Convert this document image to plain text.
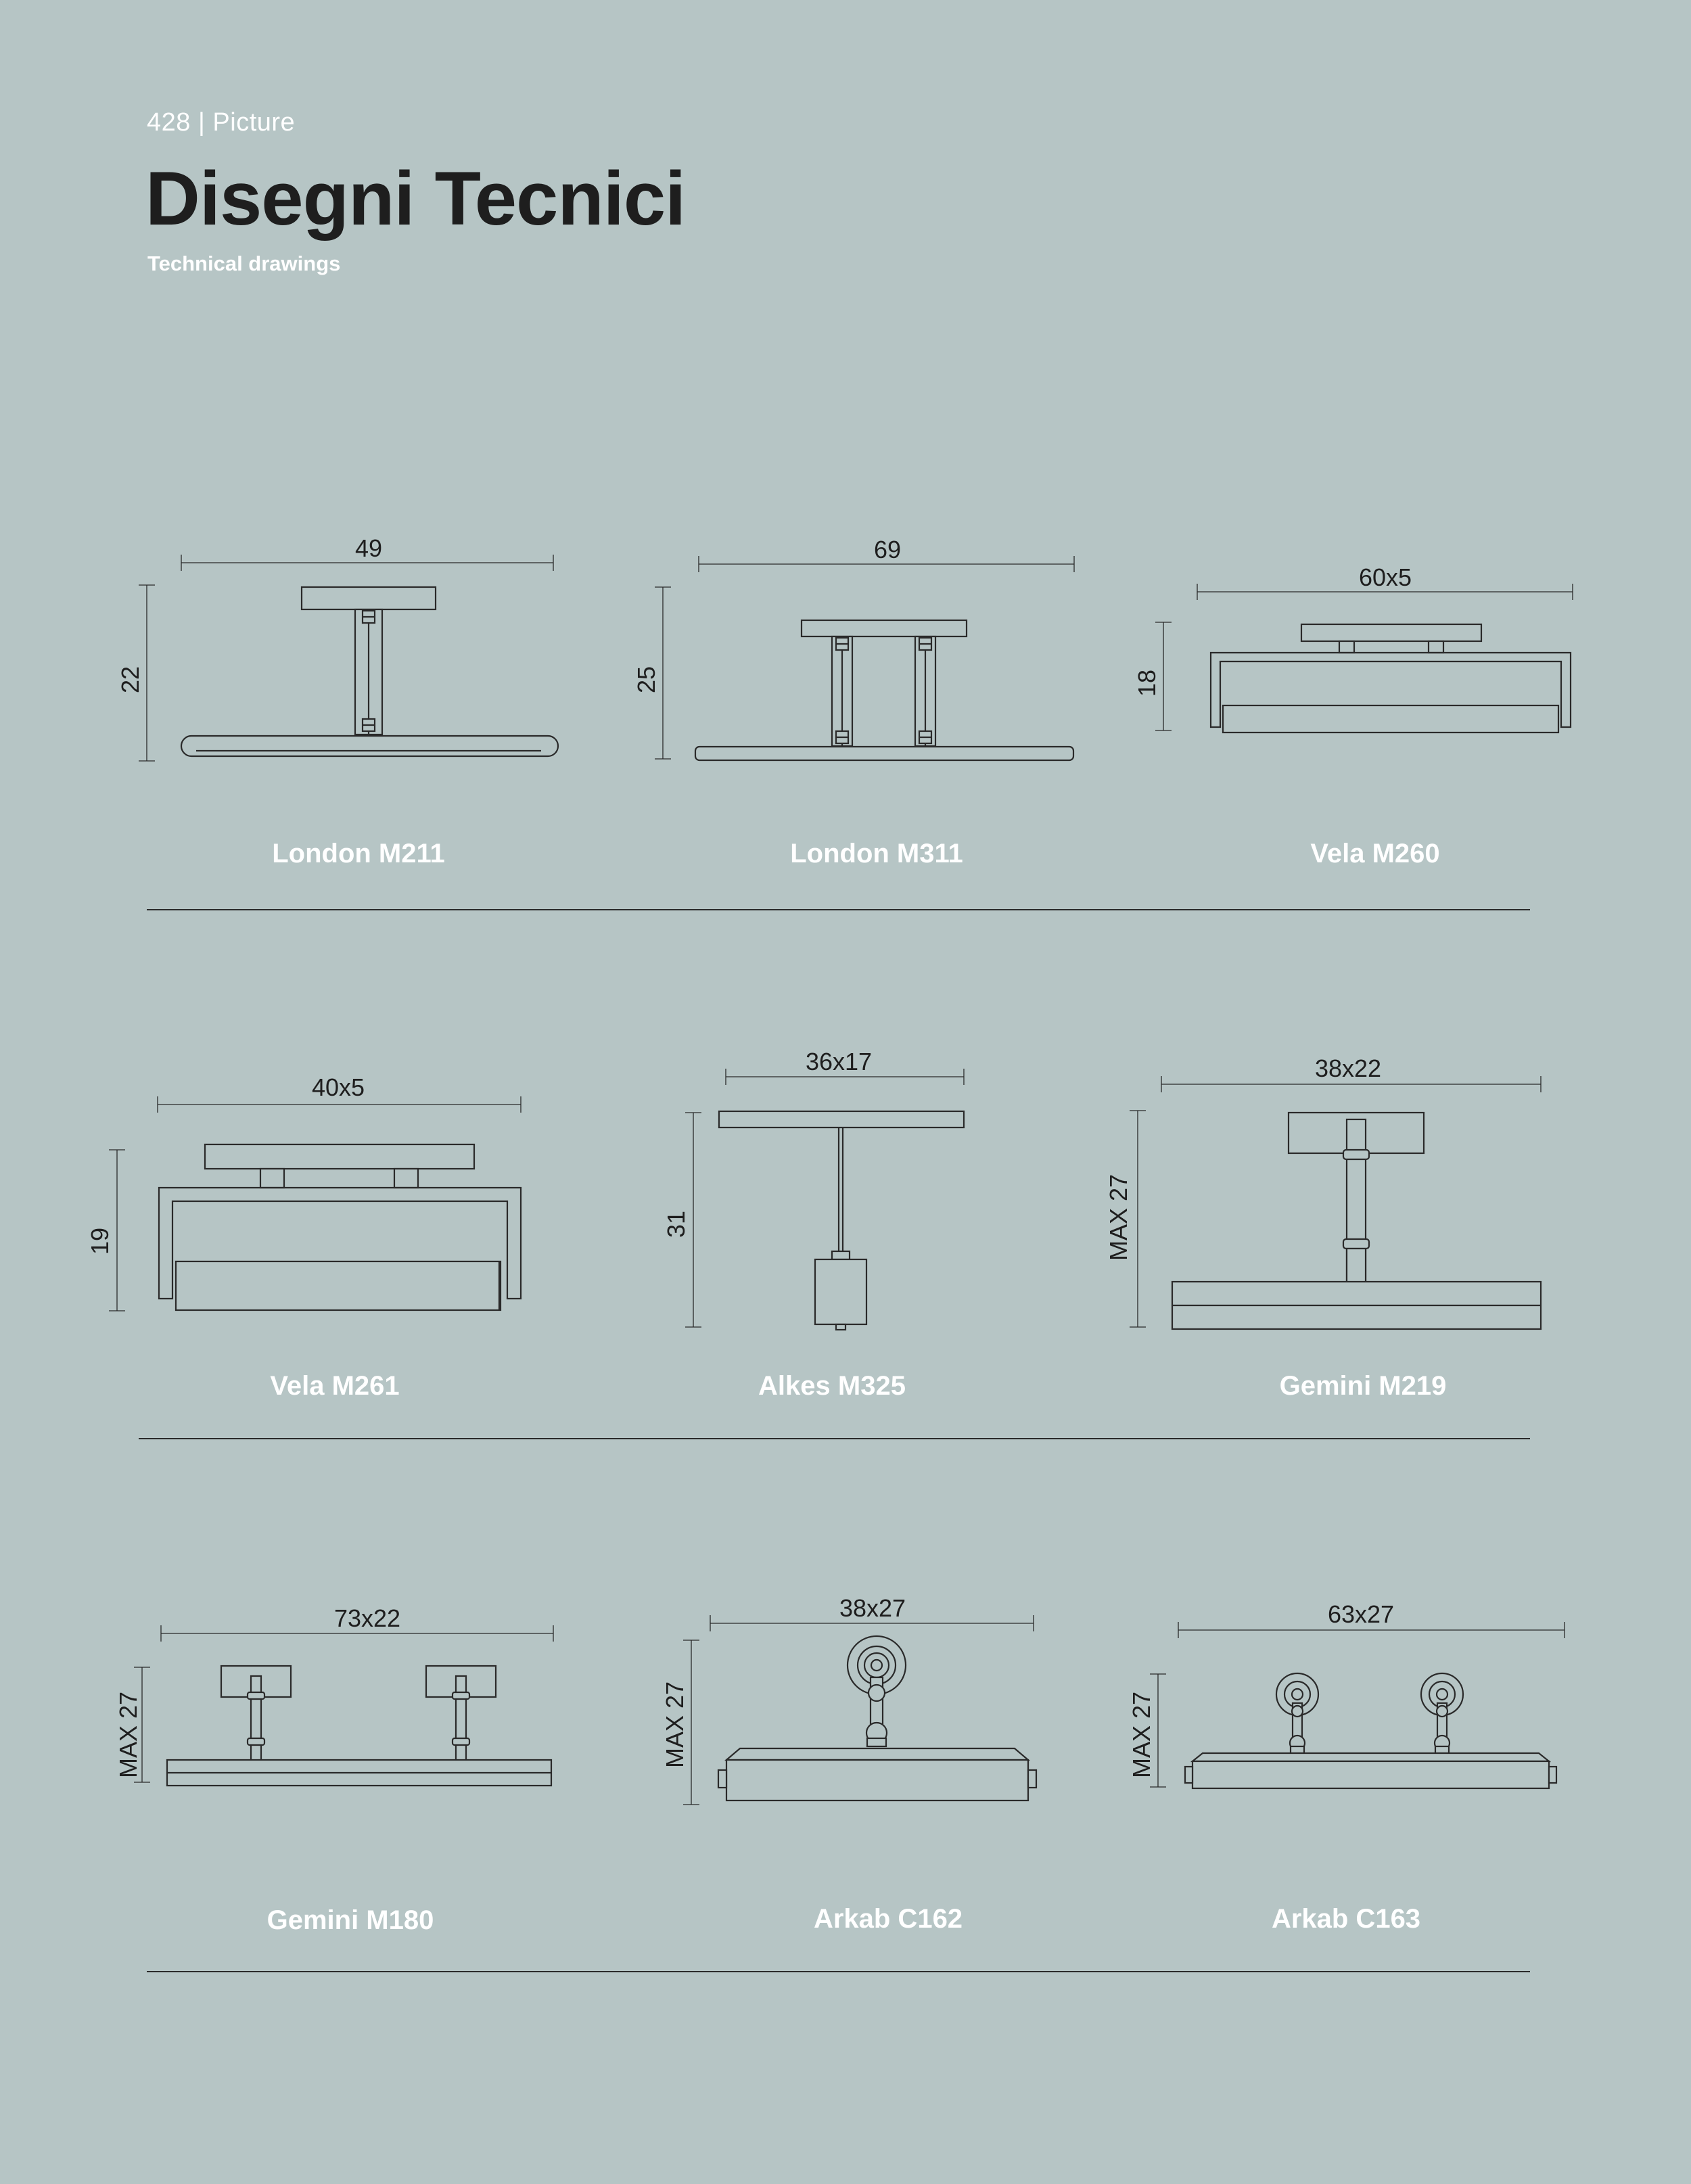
428 | Picture
Disegni Tecnici
Technical drawings
49
22
London M211
69
25
London M311
60x5
18
Vela M260
40x5
19
Vela M261
36x17
31
Alkes M325
38x22
MAX 27
Gemini M219
73x22
MAX 27
Gemini M180
38x27
MAX 27
Arkab C162
63x27
MAX 27
Arkab C163
